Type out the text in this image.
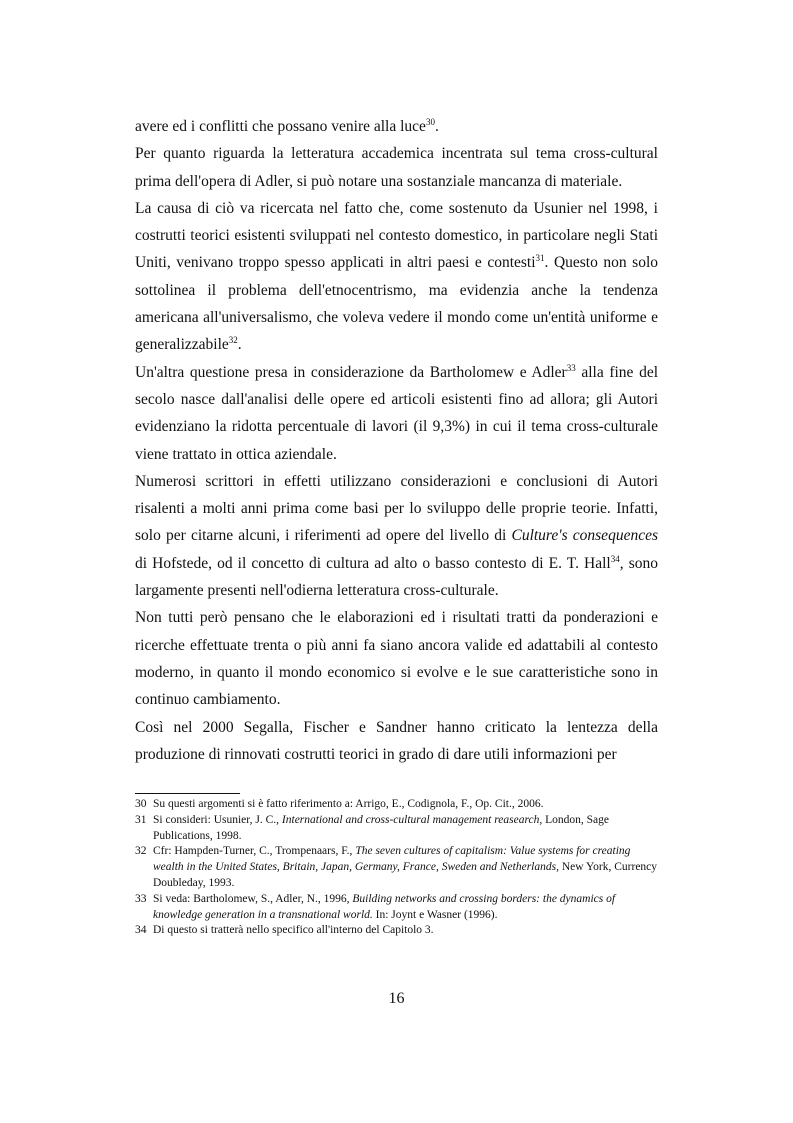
avere ed i conflitti che possano venire alla luce$^{30}$.

Per quanto riguarda la letteratura accademica incentrata sul tema cross-cultural prima dell'opera di Adler, si può notare una sostanziale mancanza di materiale.

La causa di ciò va ricercata nel fatto che, come sostenuto da Usunier nel 1998, i costrutti teorici esistenti sviluppati nel contesto domestico, in particolare negli Stati Uniti, venivano troppo spesso applicati in altri paesi e contesti$^{31}$. Questo non solo sottolinea il problema dell'etnocentrismo, ma evidenzia anche la tendenza americana all'universalismo, che voleva vedere il mondo come un'entità uniforme e generalizzabile$^{32}$.

Un'altra questione presa in considerazione da Bartholomew e Adler$^{33}$ alla fine del secolo nasce dall'analisi delle opere ed articoli esistenti fino ad allora; gli Autori evidenziano la ridotta percentuale di lavori (il 9,3%) in cui il tema cross-culturale viene trattato in ottica aziendale.

Numerosi scrittori in effetti utilizzano considerazioni e conclusioni di Autori risalenti a molti anni prima come basi per lo sviluppo delle proprie teorie. Infatti, solo per citarne alcuni, i riferimenti ad opere del livello di Culture's consequences di Hofstede, od il concetto di cultura ad alto o basso contesto di E. T. Hall$^{34}$, sono largamente presenti nell'odierna letteratura cross-culturale.

Non tutti però pensano che le elaborazioni ed i risultati tratti da ponderazioni e ricerche effettuate trenta o più anni fa siano ancora valide ed adattabili al contesto moderno, in quanto il mondo economico si evolve e le sue caratteristiche sono in continuo cambiamento.

Così nel 2000 Segalla, Fischer e Sandner hanno criticato la lentezza della produzione di rinnovati costrutti teorici in grado di dare utili informazioni per

30 Su questi argomenti si è fatto riferimento a: Arrigo, E., Codignola, F., Op. Cit., 2006.
31 Si consideri: Usunier, J. C., International and cross-cultural management reasearch, London, Sage Publications, 1998.
32 Cfr: Hampden-Turner, C., Trompenaars, F., The seven cultures of capitalism: Value systems for creating wealth in the United States, Britain, Japan, Germany, France, Sweden and Netherlands, New York, Currency Doubleday, 1993.
33 Si veda: Bartholomew, S., Adler, N., 1996, Building networks and crossing borders: the dynamics of knowledge generation in a transnational world. In: Joynt e Wasner (1996).
34 Di questo si tratterà nello specifico all'interno del Capitolo 3.
16
